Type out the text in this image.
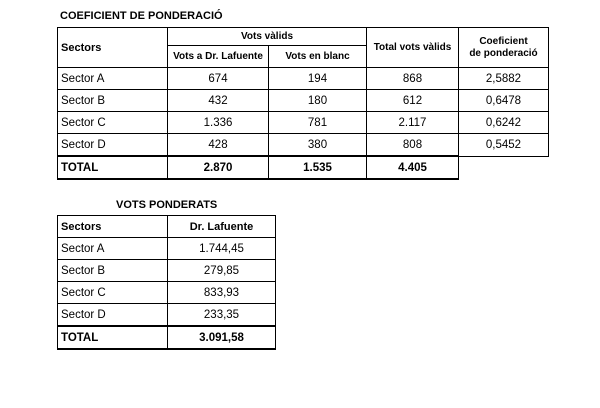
COEFICIENT DE PONDERACIÓ
Sectors	Vots vàlids		Total vots vàlids	Coeficient
de ponderació	
	Vots a Dr. Lafuente	Vots en blanc			
Sector A	674	194	868	2,5882	
Sector B	432	180	612	0,6478	
Sector C	1.336	781	2.117	0,6242	
Sector D	428	380	808	0,5452	
TOTAL	2.870	1.535	4.405		
VOTS PONDERATS
Sectors	Dr. Lafuente
Sector A	1.744,45
Sector B	279,85
Sector C	833,93
Sector D	233,35
TOTAL	3.091,58
